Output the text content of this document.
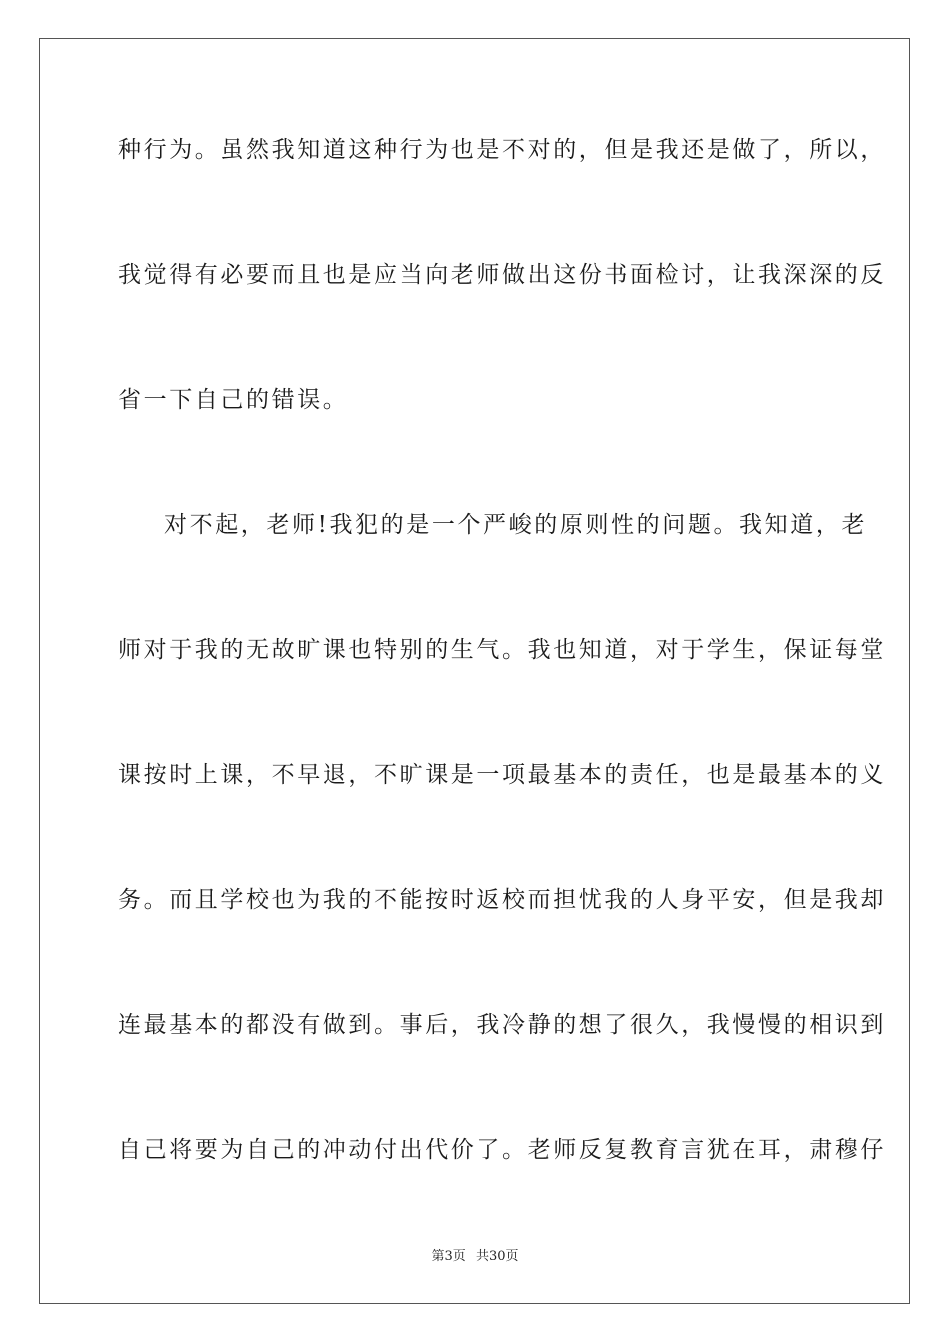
种行为。虽然我知道这种行为也是不对的，但是我还是做了，所以，
我觉得有必要而且也是应当向老师做出这份书面检讨，让我深深的反
省一下自己的错误。
对不起，老师!我犯的是一个严峻的原则性的问题。我知道，老
师对于我的无故旷课也特别的生气。我也知道，对于学生，保证每堂
课按时上课，不早退，不旷课是一项最基本的责任，也是最基本的义
务。而且学校也为我的不能按时返校而担忧我的人身平安，但是我却
连最基本的都没有做到。事后，我冷静的想了很久，我慢慢的相识到
自己将要为自己的冲动付出代价了。老师反复教育言犹在耳，肃穆仔
第3页 共30页
